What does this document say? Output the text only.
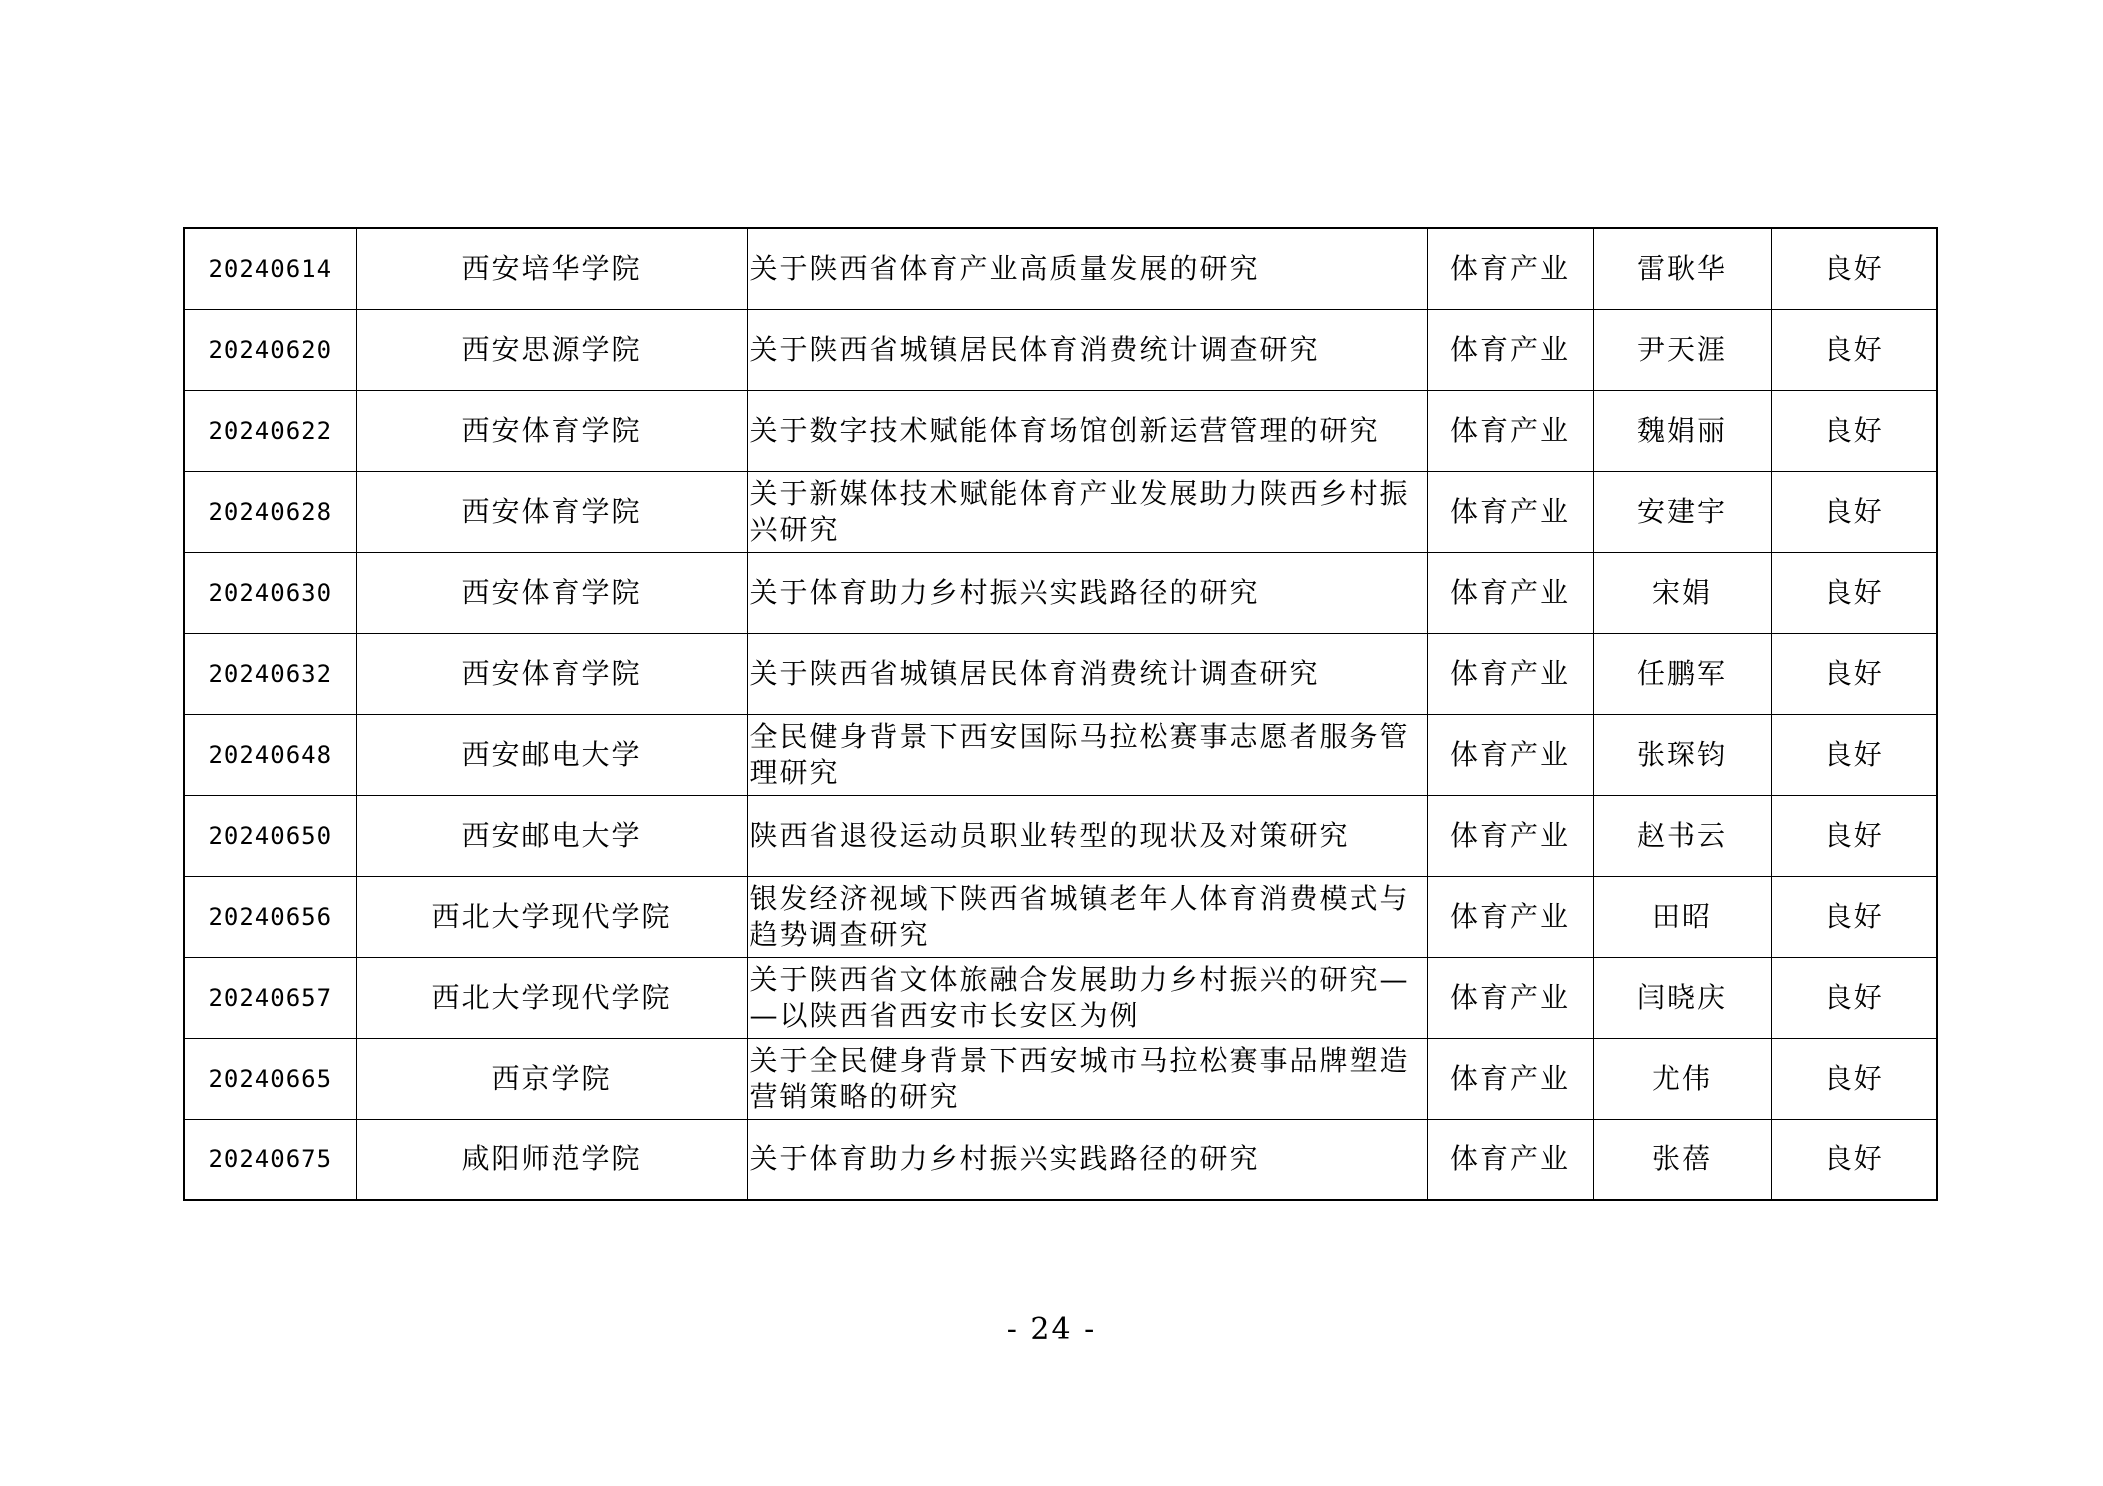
20240614	西安培华学院	关于陕西省体育产业高质量发展的研究	体育产业	雷耿华	良好
20240620	西安思源学院	关于陕西省城镇居民体育消费统计调查研究	体育产业	尹天涯	良好
20240622	西安体育学院	关于数字技术赋能体育场馆创新运营管理的研究	体育产业	魏娟丽	良好
20240628	西安体育学院	关于新媒体技术赋能体育产业发展助力陕西乡村振兴研究	体育产业	安建宇	良好
20240630	西安体育学院	关于体育助力乡村振兴实践路径的研究	体育产业	宋娟	良好
20240632	西安体育学院	关于陕西省城镇居民体育消费统计调查研究	体育产业	任鹏军	良好
20240648	西安邮电大学	全民健身背景下西安国际马拉松赛事志愿者服务管理研究	体育产业	张琛钧	良好
20240650	西安邮电大学	陕西省退役运动员职业转型的现状及对策研究	体育产业	赵书云	良好
20240656	西北大学现代学院	银发经济视域下陕西省城镇老年人体育消费模式与趋势调查研究	体育产业	田昭	良好
20240657	西北大学现代学院	关于陕西省文体旅融合发展助力乡村振兴的研究——以陕西省西安市长安区为例	体育产业	闫晓庆	良好
20240665	西京学院	关于全民健身背景下西安城市马拉松赛事品牌塑造营销策略的研究	体育产业	尤伟	良好
20240675	咸阳师范学院	关于体育助力乡村振兴实践路径的研究	体育产业	张蓓	良好
- 24 -
